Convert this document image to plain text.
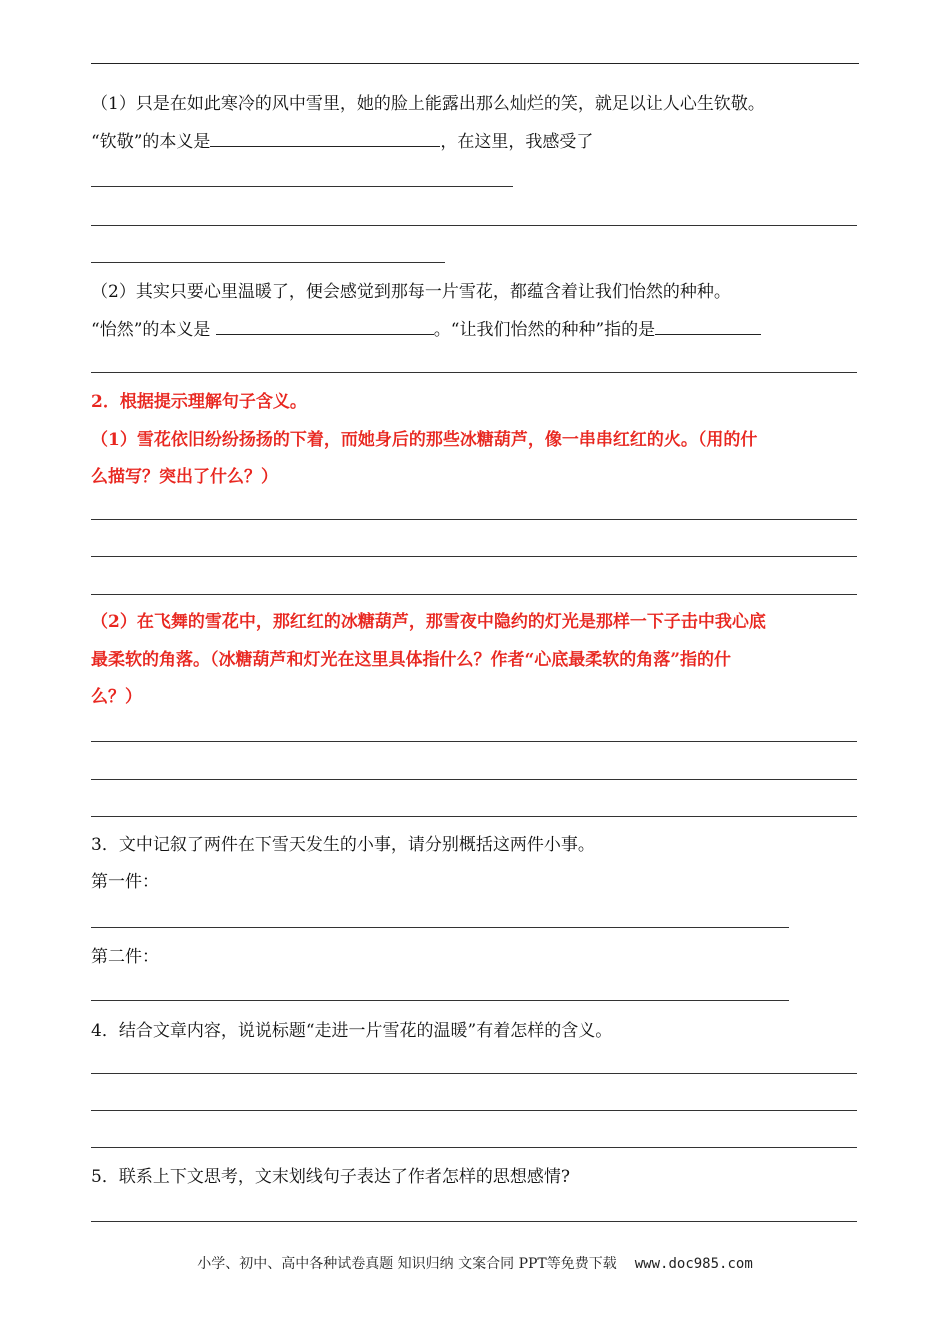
（1）只是在如此寒冷的风中雪里，她的脸上能露出那么灿烂的笑，就足以让人心生钦敬。
“钦敬”的本义是	，在这里，我感受了
（2）其实只要心里温暖了，便会感觉到那每一片雪花，都蕴含着让我们怡然的种种。
“怡然”的本义是	。“让我们怡然的种种”指的是
2．根据提示理解句子含义。
（1）雪花依旧纷纷扬扬的下着，而她身后的那些冰糖葫芦，像一串串红红的火。（用的什
么描写？突出了什么？）
（2）在飞舞的雪花中，那红红的冰糖葫芦，那雪夜中隐约的灯光是那样一下子击中我心底
最柔软的角落。（冰糖葫芦和灯光在这里具体指什么？作者“心底最柔软的角落”指的什
么？）
3．文中记叙了两件在下雪天发生的小事，请分别概括这两件小事。
第一件：
第二件：
4．结合文章内容，说说标题“走进一片雪花的温暖”有着怎样的含义。
5．联系上下文思考，文末划线句子表达了作者怎样的思想感情?
小学、初中、高中各种试卷真题 知识归纳 文案合同 PPT等免费下载 www.doc985.com
